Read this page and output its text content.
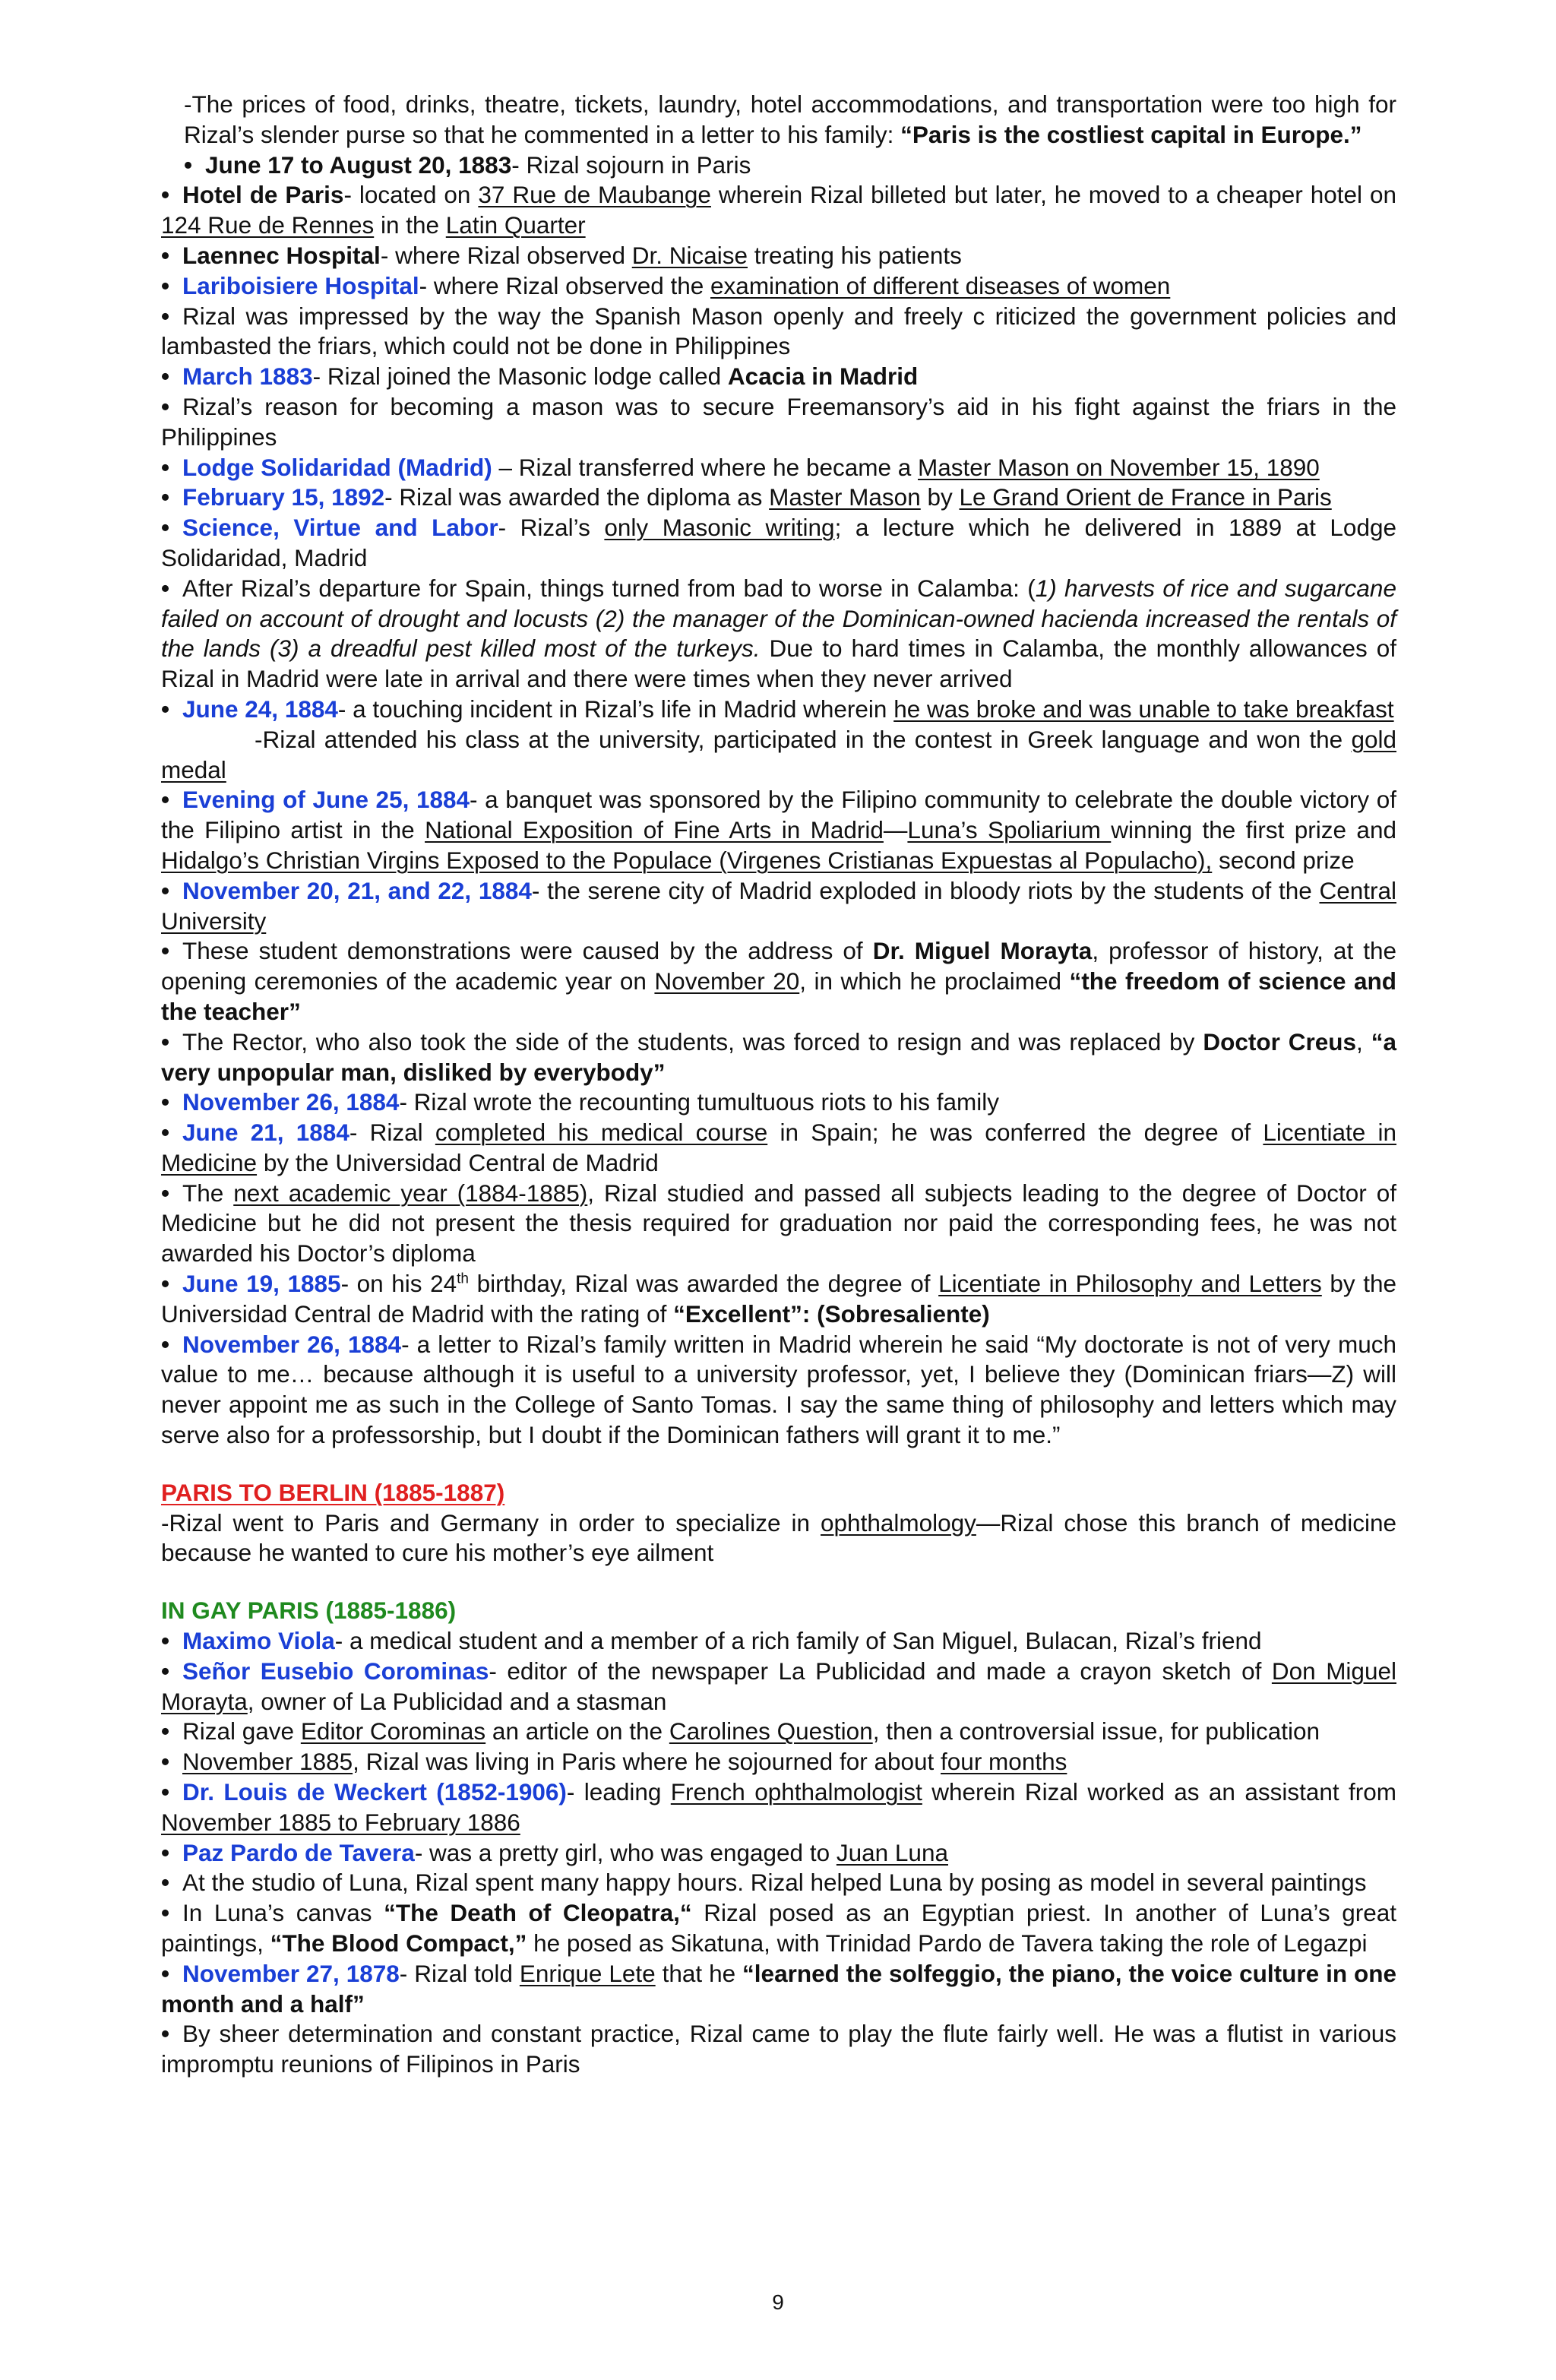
-The prices of food, drinks, theatre, tickets, laundry, hotel accommodations, and transportation were too high for Rizal’s slender purse so that he commented in a letter to his family: “Paris is the costliest capital in Europe.”

• June 17 to August 20, 1883- Rizal sojourn in Paris

• Hotel de Paris- located on 37 Rue de Maubange wherein Rizal billeted but later, he moved to a cheaper hotel on 124 Rue de Rennes in the Latin Quarter

• Laennec Hospital- where Rizal observed Dr. Nicaise treating his patients

• Lariboisiere Hospital- where Rizal observed the examination of different diseases of women

• Rizal was impressed by the way the Spanish Mason openly and freely c riticized the government policies and lambasted the friars, which could not be done in Philippines

• March 1883- Rizal joined the Masonic lodge called Acacia in Madrid

• Rizal’s reason for becoming a mason was to secure Freemansory’s aid in his fight against the friars in the Philippines

• Lodge Solidaridad (Madrid) – Rizal transferred where he became a Master Mason on November 15, 1890

• February 15, 1892- Rizal was awarded the diploma as Master Mason by Le Grand Orient de France in Paris

• Science, Virtue and Labor- Rizal’s only Masonic writing; a lecture which he delivered in 1889 at Lodge Solidaridad, Madrid

• After Rizal’s departure for Spain, things turned from bad to worse in Calamba: (1) harvests of rice and sugarcane failed on account of drought and locusts (2) the manager of the Dominican-owned hacienda increased the rentals of the lands (3) a dreadful pest killed most of the turkeys. Due to hard times in Calamba, the monthly allowances of Rizal in Madrid were late in arrival and there were times when they never arrived

• June 24, 1884- a touching incident in Rizal’s life in Madrid wherein he was broke and was unable to take breakfast

-Rizal attended his class at the university, participated in the contest in Greek language and won the gold medal

• Evening of June 25, 1884- a banquet was sponsored by the Filipino community to celebrate the double victory of the Filipino artist in the National Exposition of Fine Arts in Madrid—Luna’s Spoliarium winning the first prize and Hidalgo’s Christian Virgins Exposed to the Populace (Virgenes Cristianas Expuestas al Populacho), second prize

• November 20, 21, and 22, 1884- the serene city of Madrid exploded in bloody riots by the students of the Central University

• These student demonstrations were caused by the address of Dr. Miguel Morayta, professor of history, at the opening ceremonies of the academic year on November 20, in which he proclaimed “the freedom of science and the teacher”

• The Rector, who also took the side of the students, was forced to resign and was replaced by Doctor Creus, “a very unpopular man, disliked by everybody”

• November 26, 1884- Rizal wrote the recounting tumultuous riots to his family

• June 21, 1884- Rizal completed his medical course in Spain; he was conferred the degree of Licentiate in Medicine by the Universidad Central de Madrid

• The next academic year (1884-1885), Rizal studied and passed all subjects leading to the degree of Doctor of Medicine but he did not present the thesis required for graduation nor paid the corresponding fees, he was not awarded his Doctor’s diploma

• June 19, 1885- on his 24th birthday, Rizal was awarded the degree of Licentiate in Philosophy and Letters by the Universidad Central de Madrid with the rating of “Excellent”: (Sobresaliente)

• November 26, 1884- a letter to Rizal’s family written in Madrid wherein he said “My doctorate is not of very much value to me… because although it is useful to a university professor, yet, I believe they (Dominican friars—Z) will never appoint me as such in the College of Santo Tomas. I say the same thing of philosophy and letters which may serve also for a professorship, but I doubt if the Dominican fathers will grant it to me.”

PARIS TO BERLIN (1885-1887)

-Rizal went to Paris and Germany in order to specialize in ophthalmology—Rizal chose this branch of medicine because he wanted to cure his mother’s eye ailment

IN GAY PARIS (1885-1886)

• Maximo Viola- a medical student and a member of a rich family of San Miguel, Bulacan, Rizal’s friend

• Señor Eusebio Corominas- editor of the newspaper La Publicidad and made a crayon sketch of Don Miguel Morayta, owner of La Publicidad and a stasman

• Rizal gave Editor Corominas an article on the Carolines Question, then a controversial issue, for publication

• November 1885, Rizal was living in Paris where he sojourned for about four months

• Dr. Louis de Weckert (1852-1906)- leading French ophthalmologist wherein Rizal worked as an assistant from November 1885 to February 1886

• Paz Pardo de Tavera- was a pretty girl, who was engaged to Juan Luna

• At the studio of Luna, Rizal spent many happy hours. Rizal helped Luna by posing as model in several paintings

• In Luna’s canvas “The Death of Cleopatra,“ Rizal posed as an Egyptian priest. In another of Luna’s great paintings, “The Blood Compact,” he posed as Sikatuna, with Trinidad Pardo de Tavera taking the role of Legazpi

• November 27, 1878- Rizal told Enrique Lete that he “learned the solfeggio, the piano, the voice culture in one month and a half”

• By sheer determination and constant practice, Rizal came to play the flute fairly well. He was a flutist in various impromptu reunions of Filipinos in Paris

9
